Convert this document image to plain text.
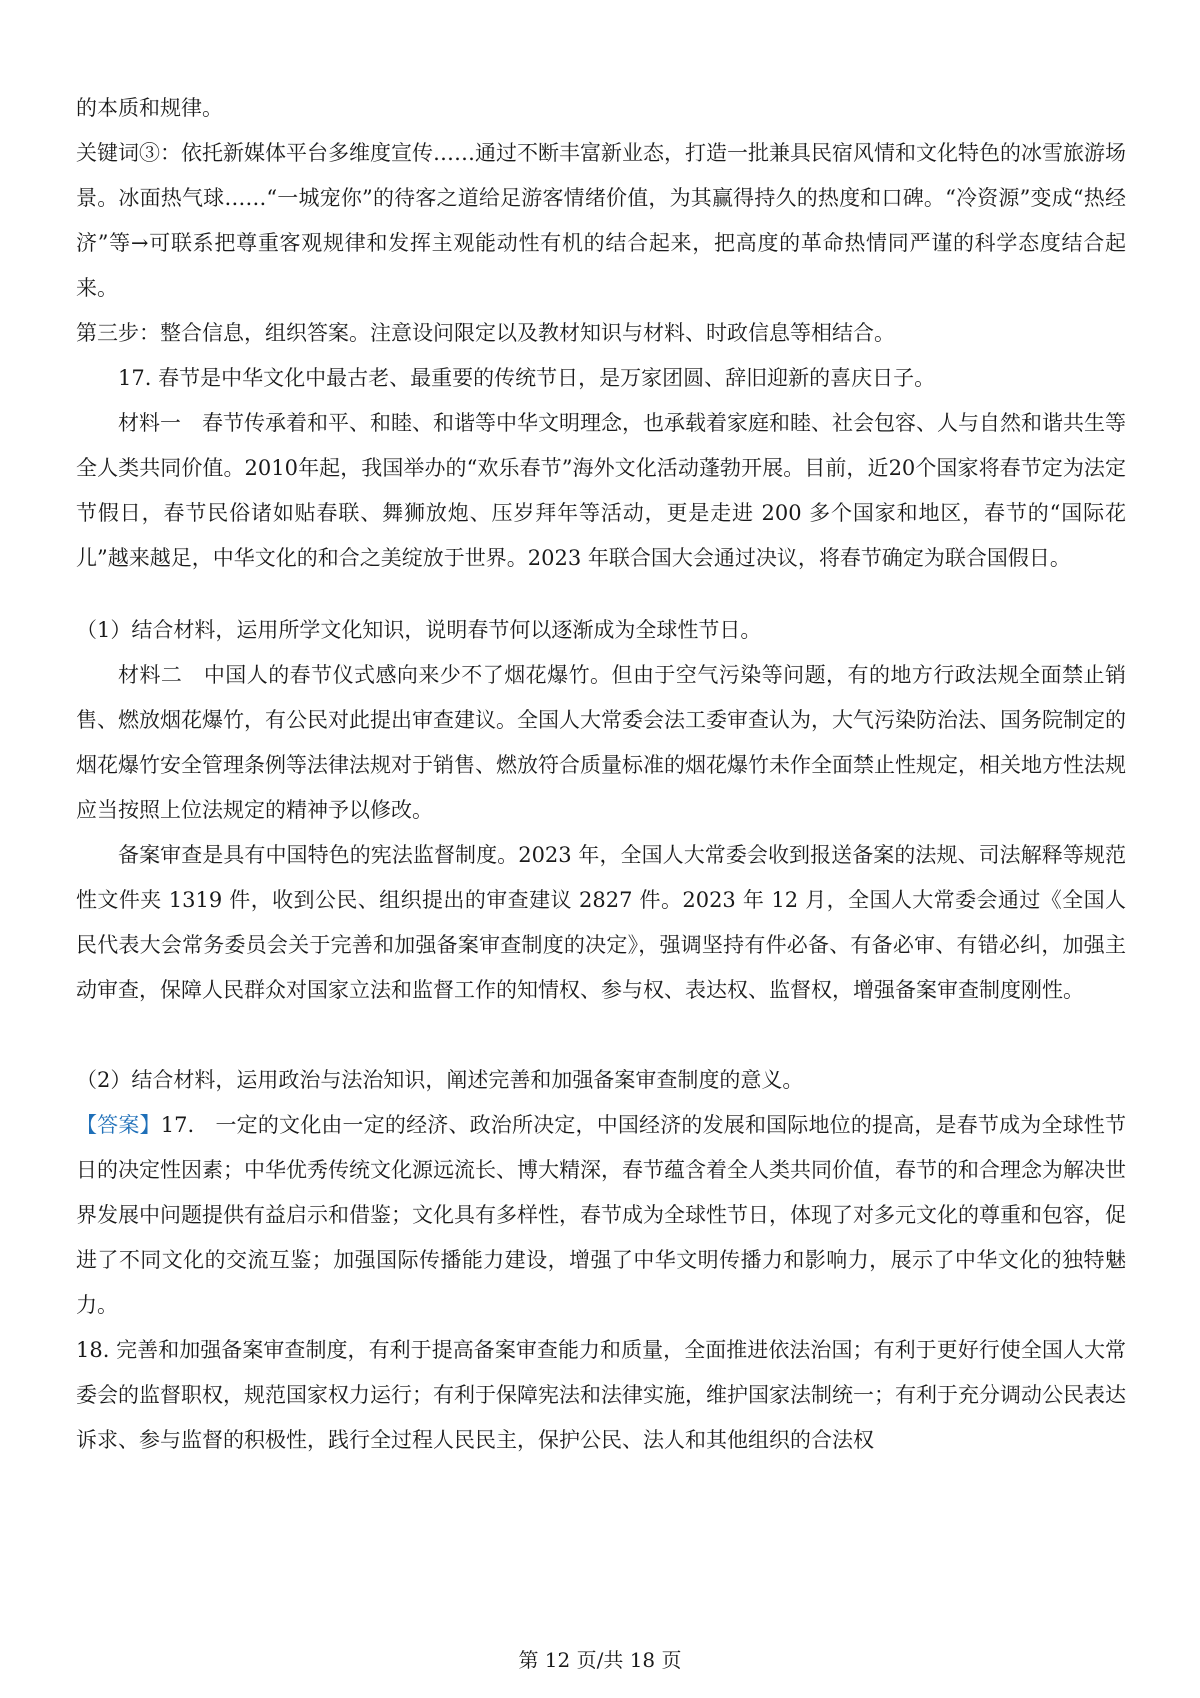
的本质和规律。

关键词③：依托新媒体平台多维度宣传……通过不断丰富新业态，打造一批兼具民宿风情和文化特色的冰雪旅游场景。冰面热气球……“一城宠你”的待客之道给足游客情绪价值，为其赢得持久的热度和口碑。“冷资源”变成“热经济”等→可联系把尊重客观规律和发挥主观能动性有机的结合起来，把高度的革命热情同严谨的科学态度结合起来。

第三步：整合信息，组织答案。注意设问限定以及教材知识与材料、时政信息等相结合。

17. 春节是中华文化中最古老、最重要的传统节日，是万家团圆、辞旧迎新的喜庆日子。

材料一　春节传承着和平、和睦、和谐等中华文明理念，也承载着家庭和睦、社会包容、人与自然和谐共生等全人类共同价值。2010年起，我国举办的“欢乐春节”海外文化活动蓬勃开展。目前，近20个国家将春节定为法定节假日，春节民俗诸如贴春联、舞狮放炮、压岁拜年等活动，更是走进 200 多个国家和地区，春节的“国际花儿”越来越足，中华文化的和合之美绽放于世界。2023 年联合国大会通过决议，将春节确定为联合国假日。

（1）结合材料，运用所学文化知识，说明春节何以逐渐成为全球性节日。

材料二　中国人的春节仪式感向来少不了烟花爆竹。但由于空气污染等问题，有的地方行政法规全面禁止销售、燃放烟花爆竹，有公民对此提出审查建议。全国人大常委会法工委审查认为，大气污染防治法、国务院制定的烟花爆竹安全管理条例等法律法规对于销售、燃放符合质量标准的烟花爆竹未作全面禁止性规定，相关地方性法规应当按照上位法规定的精神予以修改。

备案审查是具有中国特色的宪法监督制度。2023 年，全国人大常委会收到报送备案的法规、司法解释等规范性文件夹 1319 件，收到公民、组织提出的审查建议 2827 件。2023 年 12 月，全国人大常委会通过《全国人民代表大会常务委员会关于完善和加强备案审查制度的决定》，强调坚持有件必备、有备必审、有错必纠，加强主动审查，保障人民群众对国家立法和监督工作的知情权、参与权、表达权、监督权，增强备案审查制度刚性。

（2）结合材料，运用政治与法治知识，阐述完善和加强备案审查制度的意义。

【答案】17.　一定的文化由一定的经济、政治所决定，中国经济的发展和国际地位的提高，是春节成为全球性节日的决定性因素；中华优秀传统文化源远流长、博大精深，春节蕴含着全人类共同价值，春节的和合理念为解决世界发展中问题提供有益启示和借鉴；文化具有多样性，春节成为全球性节日，体现了对多元文化的尊重和包容，促进了不同文化的交流互鉴；加强国际传播能力建设，增强了中华文明传播力和影响力，展示了中华文化的独特魅力。

18. 完善和加强备案审查制度，有利于提高备案审查能力和质量，全面推进依法治国；有利于更好行使全国人大常委会的监督职权，规范国家权力运行；有利于保障宪法和法律实施，维护国家法制统一；有利于充分调动公民表达诉求、参与监督的积极性，践行全过程人民民主，保护公民、法人和其他组织的合法权

第 12 页/共 18 页
